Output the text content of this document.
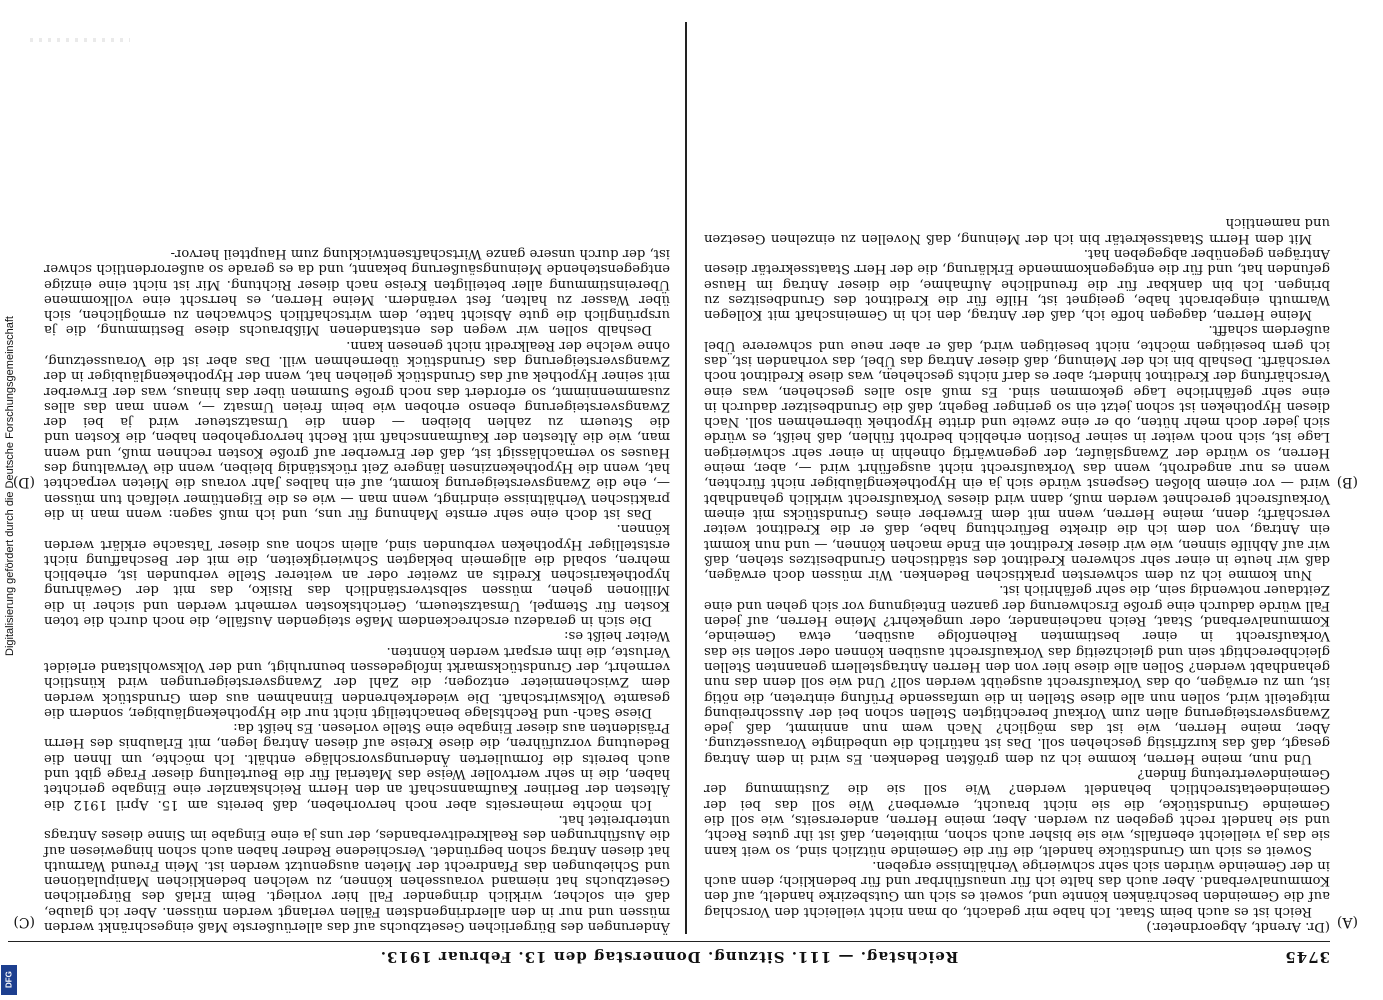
Digitalisierung gefördert durch die Deutsche Forschungsgemeinschaft
DFG
3745
Reichstag. — 111. Sitzung. Donnerstag den 13. Februar 1913.

(Dr. Arendt, Abgeordneter.)

Reich ist es auch beim Staat. Ich habe mir gedacht, ob man nicht vielleicht den Vorschlag auf die Gemeinden beschränken könnte und, soweit es sich um Gutsbezirke handelt, auf den Kommunalverband. Aber auch das halte ich für unausführbar und für bedenklich; denn auch in der Gemeinde würden sich sehr schwierige Verhältnisse ergeben.

Soweit es sich um Grundstücke handelt, die für die Gemeinde nützlich sind, so weit kann sie das ja vielleicht ebenfalls, wie sie bisher auch schon, mitbieten, daß ist ihr gutes Recht, und sie handelt recht gegeben zu werden. Aber, meine Herren, andererseits, wie soll die Gemeinde Grundstücke, die sie nicht braucht, erwerben? Wie soll das bei der Gemeindeetatsrechtlich behandelt werden? Wie soll sie die Zustimmung der Gemeindevertretung finden?

Und nun, meine Herren, komme ich zu dem größten Bedenken. Es wird in dem Antrag gesagt, daß das kurzfristig geschehen soll. Das ist natürlich die unbedingte Voraussetzung. Aber, meine Herren, wie ist das möglich? Nach wem nun annimmt, daß jede Zwangsversteigerung allen zum Vorkauf berechtigten Stellen schon bei der Ausschreibung mitgeteilt wird, sollen nun alle diese Stellen in die umfassende Prüfung eintreten, die nötig ist, um zu erwägen, ob das Vorkaufsrecht ausgeübt werden soll? Und wie soll denn das nun gehandhabt werden? Sollen alle diese hier von den Herren Antragstellern genannten Stellen gleichberechtigt sein und gleichzeitig das Vorkaufsrecht ausüben können oder sollen sie das Vorkaufsrecht in einer bestimmten Reihenfolge ausüben, etwa Gemeinde, Kommunalverband, Staat, Reich nacheinander, oder umgekehrt? Meine Herren, auf jeden Fall würde dadurch eine große Erschwerung der ganzen Enteignung vor sich gehen und eine Zeitdauer notwendig sein, die sehr gefährlich ist.

Nun komme ich zu dem schwersten praktischen Bedenken. Wir müssen doch erwägen, daß wir heute in einer sehr schweren Kreditnot des städtischen Grundbesitzes stehen, daß wir auf Abhilfe sinnen, wie wir dieser Kreditnot ein Ende machen können, — und nun kommt ein Antrag, von dem ich die direkte Befürchtung habe, daß er die Kreditnot weiter verschärft; denn, meine Herren, wenn mit dem Erwerber eines Grundstücks mit einem Vorkaufsrecht gerechnet werden muß, dann wird dieses Vorkaufsrecht wirklich gehandhabt wird — vor einem bloßen Gespenst würde sich ja ein Hypothekengläubiger nicht fürchten, wenn es nur angedroht, wenn das Vorkaufsrecht nicht ausgeführt wird —, aber, meine Herren, so würde der Zwangsläufer, der gegenwärtig ohnehin in einer sehr schwierigen Lage ist, sich noch weiter in seiner Position erheblich bedroht fühlen, daß heißt, es würde sich jeder doch mehr hüten, ob er eine zweite und dritte Hypothek übernehmen soll. Nach diesen Hypotheken ist schon jetzt ein so geringer Begehr, daß die Grundbesitzer dadurch in eine sehr gefährliche Lage gekommen sind. Es muß also alles geschehen, was eine Verschärfung der Kreditnot hindert; aber es darf nichts geschehen, was diese Kreditnot noch verschärft. Deshalb bin ich der Meinung, daß dieser Antrag das Übel, das vorhanden ist, das ich gern beseitigen möchte, nicht beseitigen wird, daß er aber neue und schwerere Übel außerdem schafft.

Meine Herren, dagegen hoffe ich, daß der Antrag, den ich in Gemeinschaft mit Kollegen Warmuth eingebracht habe, geeignet ist, Hilfe für die Kreditnot des Grundbesitzes zu bringen. Ich bin dankbar für die freundliche Aufnahme, die dieser Antrag im Hause gefunden hat, und für die entgegenkommende Erklärung, die der Herr Staatssekretär diesen Anträgen gegenüber abgegeben hat.

Mit dem Herrn Staatssekretär bin ich der Meinung, daß Novellen zu einzelnen Gesetzen und namentlich

Änderungen des Bürgerlichen Gesetzbuchs auf das allerüußerste Maß eingeschränkt werden müssen und nur in den allerdringendsten Fällen verlangt werden müssen. Aber ich glaube, daß ein solcher, wirklich dringender Fall hier vorliegt. Beim Erlaß des Bürgerlichen Gesetzbuchs hat niemand voraussehen können, zu welchen bedenklichen Manipulationen und Schiebungen das Pfandrecht der Mieten ausgenutzt werden ist. Mein Freund Warmuth hat diesen Antrag schon begründet. Verschiedene Redner haben auch schon hingewiesen auf die Ausführungen des Realkreditverbandes, der uns ja eine Eingabe im Sinne dieses Antrags unterbreitet hat.

Ich möchte meinerseits aber noch hervorheben, daß bereits am 15. April 1912 die Ältesten der Berliner Kaufmannschaft an den Herrn Reichskanzler eine Eingabe gerichtet haben, die in sehr wertvoller Weise das Material für die Beurteilung dieser Frage gibt und auch bereits die formulierten Änderungsvorschläge enthält. Ich möchte, um Ihnen die Bedeutung vorzuführen, die diese Kreise auf diesen Antrag legen, mit Erlaubnis des Herrn Präsidenten aus dieser Eingabe eine Stelle vorlesen. Es heißt da:

Diese Sach- und Rechtslage benachteiligt nicht nur die Hypothekengläubiger, sondern die gesamte Volkswirtschaft. Die wiederkehrenden Einnahmen aus dem Grundstück werden dem Zwischenmieter entzogen; die Zahl der Zwangsversteigerungen wird künstlich vermehrt, der Grundstücksmarkt infolgedessen beunruhigt, und der Volkswohlstand erleidet Verluste, die ihm erspart werden könnten.

Weiter heißt es:

Die sich in geradezu erschreckendem Maße steigenden Ausfälle, die noch durch die toten Kosten für Stempel, Umsatzsteuern, Gerichtskosten vermehrt werden und sicher in die Millionen gehen, müssen selbstverständlich das Risiko, das mit der Gewährung hypothekarischen Kredits an zweiter oder an weiterer Stelle verbunden ist, erheblich mehren, sobald die allgemein beklagten Schwierigkeiten, die mit der Beschaffung nicht erststelliger Hypotheken verbunden sind, allein schon aus dieser Tatsache erklärt werden können.

Das ist doch eine sehr ernste Mahnung für uns, und ich muß sagen: wenn man in die praktischen Verhältnisse eindringt, wenn man — wie es die Eigentümer vielfach tun müssen —, ehe die Zwangsversteigerung kommt, auf ein halbes Jahr voraus die Mieten verpachtet hat, wenn die Hypothekenzinsen längere Zeit rückständig bleiben, wenn die Verwaltung des Hauses so vernachlässigt ist, daß der Erwerber auf große Kosten rechnen muß, und wenn man, wie die Ältesten der Kaufmannschaft mit Recht hervorgehoben haben, die Kosten und die Steuern zu zahlen bleiben — denn die Umsatzsteuer wird ja bei der Zwangsversteigerung ebenso erhoben wie beim freien Umsatz —, wenn man das alles zusammennimmt, so erfordert das noch große Summen über das hinaus, was der Erwerber mit seiner Hypothek auf das Grundstück geliehen hat, wenn der Hypothekengläubiger in der Zwangsversteigerung das Grundstück übernehmen will. Das aber ist die Voraussetzung, ohne welche der Realkredit nicht genesen kann.

Deshalb sollen wir wegen des entstandenen Mißbrauchs diese Bestimmung, die ja ursprünglich die gute Absicht hatte, dem wirtschaftlich Schwachen zu ermöglichen, sich über Wasser zu halten, fest verändern. Meine Herren, es herrscht eine vollkommene Übereinstimmung aller beteiligten Kreise nach dieser Richtung. Mir ist nicht eine einzige entgegenstehende Meinungsäußerung bekannt, und da es gerade so außerordentlich schwer ist, der durch unsere ganze Wirtschaftsentwicklung zum Hauptteil hervor-

(A)
(B)
(C)
(D)
